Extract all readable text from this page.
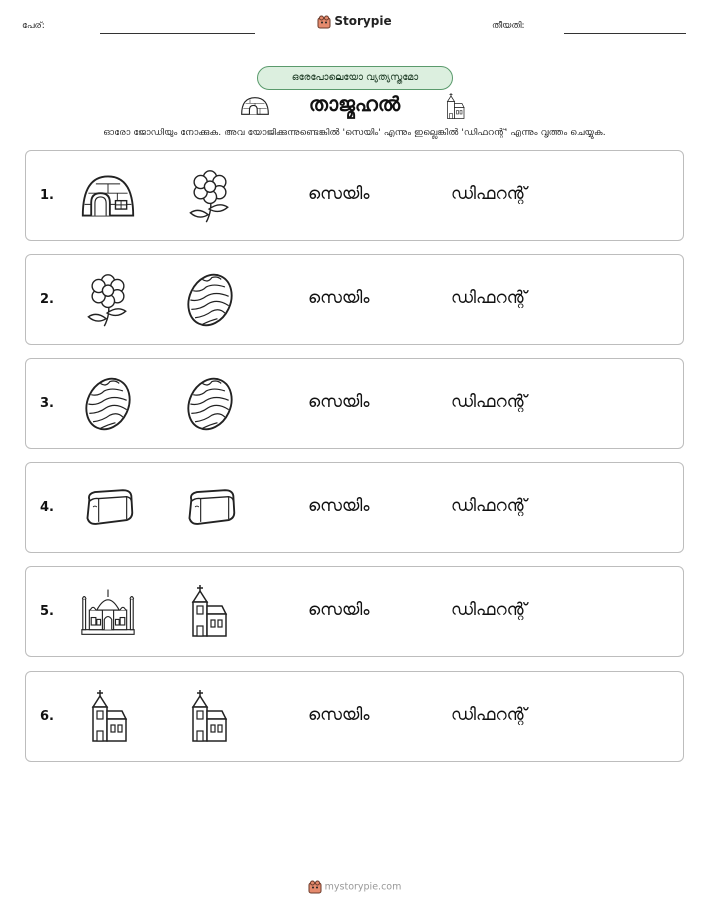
പേര്:	Storypie	തീയതി:
ഒരേപോലെയോ വ്യത്യസ്തമോ
താജ്മഹൽ
ഓരോ ജോഡിയും നോക്കുക. അവ യോജിക്കുന്നുണ്ടെങ്കിൽ 'സെയിം' എന്നും ഇല്ലെങ്കിൽ 'ഡിഫറന്റ്' എന്നും വൃത്തം ചെയ്യുക.
1.	സെയിം	ഡിഫറന്റ്
2.	സെയിം	ഡിഫറന്റ്
3.	സെയിം	ഡിഫറന്റ്
4.	സെയിം	ഡിഫറന്റ്
5.	സെയിം	ഡിഫറന്റ്
6.	സെയിം	ഡിഫറന്റ്
mystorypie.com
